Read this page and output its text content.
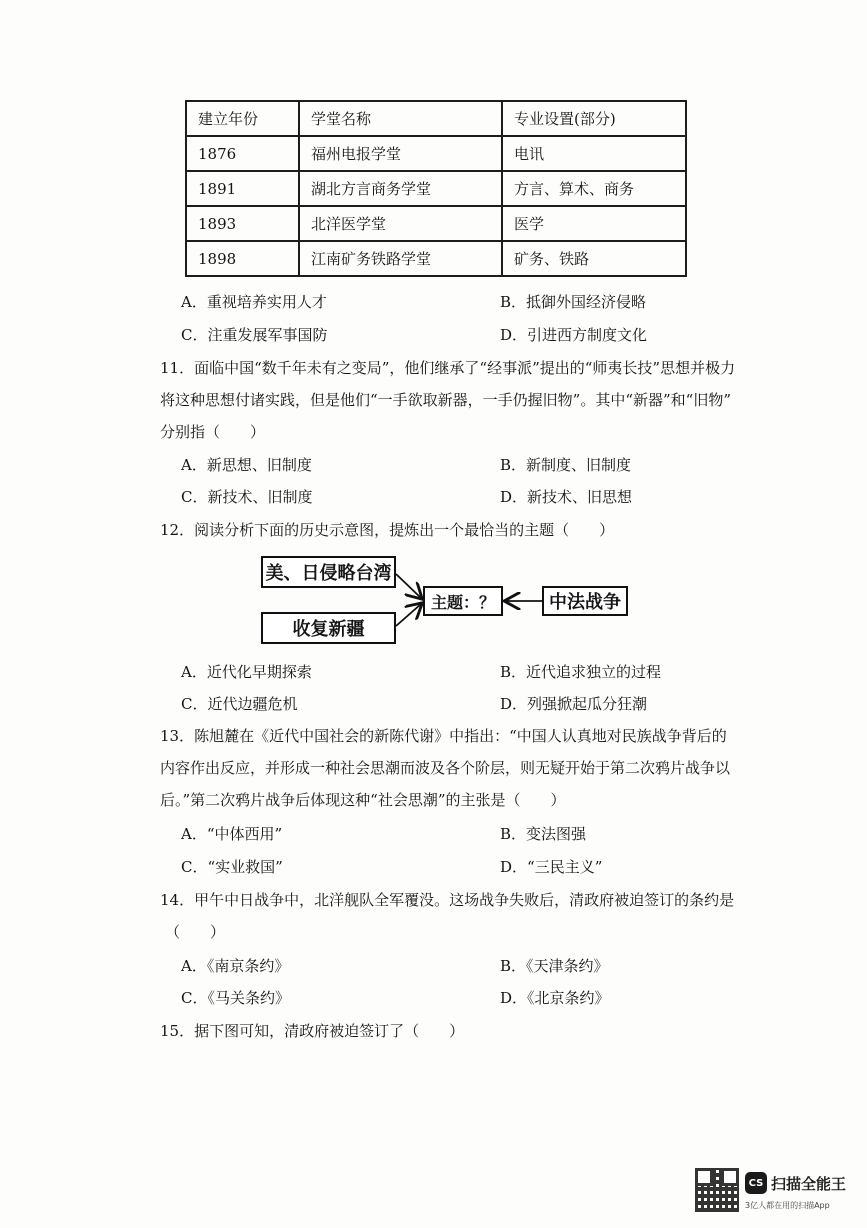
建立年份	学堂名称	专业设置(部分)
1876	福州电报学堂	电讯
1891	湖北方言商务学堂	方言、算术、商务
1893	北洋医学堂	医学
1898	江南矿务铁路学堂	矿务、铁路
A．重视培养实用人才	B．抵御外国经济侵略
C．注重发展军事国防	D．引进西方制度文化
11．面临中国“数千年未有之变局”，他们继承了“经事派”提出的“师夷长技”思想并极力
将这种思想付诸实践，但是他们“一手欲取新器，一手仍握旧物”。其中“新器”和“旧物”
分别指（　　）
A．新思想、旧制度	B．新制度、旧制度
C．新技术、旧制度	D．新技术、旧思想
12．阅读分析下面的历史示意图，提炼出一个最恰当的主题（　　）
美、日侵略台湾
收复新疆
主题：？	中法战争
A．近代化早期探索	B．近代追求独立的过程
C．近代边疆危机	D．列强掀起瓜分狂潮
13．陈旭麓在《近代中国社会的新陈代谢》中指出：“中国人认真地对民族战争背后的
内容作出反应，并形成一种社会思潮而波及各个阶层，则无疑开始于第二次鸦片战争以
后。”第二次鸦片战争后体现这种“社会思潮”的主张是（　　）
A．“中体西用”	B．变法图强
C．“实业救国”	D．“三民主义”
14．甲午中日战争中，北洋舰队全军覆没。这场战争失败后，清政府被迫签订的条约是
（　　）
A．《南京条约》	B．《天津条约》
C．《马关条约》	D．《北京条约》
15．据下图可知，清政府被迫签订了（　　）
CS 扫描全能王
3亿人都在用的扫描App
